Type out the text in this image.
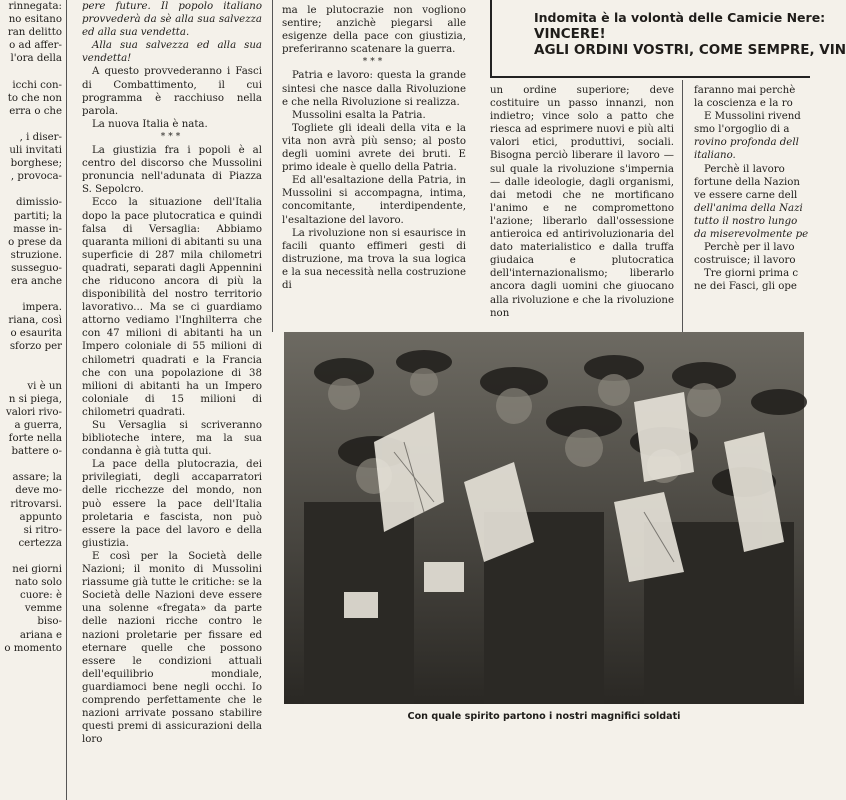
rinnegata:
no esitano
ran delitto
o ad affer-
l'ora della

icchi con-
to che non
erra o che

, i diser-
uli invitati
borghese;
, provoca-

dimissio-
partiti; la
masse in-
o prese da
struzione.
susseguo-
era anche

impera.
riana, così
o esaurita
sforzo per

vi è un
n si piega,
valori rivo-
a guerra,
forte nella
battere o-

assare; la
deve mo-
ritrovarsi.
appunto
si ritro-
certezza

nei giorni
nato solo
cuore: è
vemme biso-
ariana e
o momento

pere future. Il popolo italiano provvederà da sè alla sua salvezza ed alla sua vendetta.

Alla sua salvezza ed alla sua vendetta!

A questo provvederanno i Fasci di Combattimento, il cui programma è racchiuso nella parola.

La nuova Italia è nata.

***

La giustizia fra i popoli è al centro del discorso che Mussolini pronuncia nell'adunata di Piazza S. Sepolcro.

Ecco la situazione dell'Italia dopo la pace plutocratica e quindi falsa di Versaglia: Abbiamo quaranta milioni di abitanti su una superficie di 287 mila chilometri quadrati, separati dagli Appennini che riducono ancora di più la disponibilità del nostro territorio lavorativo... Ma se ci guardiamo attorno vediamo l'Inghilterra che con 47 milioni di abitanti ha un Impero coloniale di 55 milioni di chilometri quadrati e la Francia che con una popolazione di 38 milioni di abitanti ha un Impero coloniale di 15 milioni di chilometri quadrati.

Su Versaglia si scriveranno biblioteche intere, ma la sua condanna è già tutta qui.

La pace della plutocrazia, dei privilegiati, degli accaparratori delle ricchezze del mondo, non può essere la pace dell'Italia proletaria e fascista, non può essere la pace del lavoro e della giustizia.

E così per la Società delle Nazioni; il monito di Mussolini riassume già tutte le critiche: se la Società delle Nazioni deve essere una solenne «fregata» da parte delle nazioni ricche contro le nazioni proletarie per fissare ed eternare quelle che possono essere le condizioni attuali dell'equilibrio mondiale, guardiamoci bene negli occhi. Io comprendo perfettamente che le nazioni arrivate possano stabilire questi premi di assicurazioni della loro

ma le plutocrazie non vogliono sentire; anzichè piegarsi alle esigenze della pace con giustizia, preferiranno scatenare la guerra.

***

Patria e lavoro: questa la grande sintesi che nasce dalla Rivoluzione e che nella Rivoluzione si realizza.

Mussolini esalta la Patria.

Togliete gli ideali della vita e la vita non avrà più senso; al posto degli uomini avrete dei bruti. E primo ideale è quello della Patria.

Ed all'esaltazione della Patria, in Mussolini si accompagna, intima, concomitante, interdipendente, l'esaltazione del lavoro.

La rivoluzione non si esaurisce in facili quanto effimeri gesti di distruzione, ma trova la sua logica e la sua necessità nella costruzione di

Indomita è la volontà delle Camicie Nere:
VINCERE!
AGLI ORDINI VOSTRI, COME SEMPRE, VIN

un ordine superiore; deve costituire un passo innanzi, non indietro; vince solo a patto che riesca ad esprimere nuovi e più alti valori etici, produttivi, sociali. Bisogna perciò liberare il lavoro — sul quale la rivoluzione s'impernia — dalle ideologie, dagli organismi, dai metodi che ne mortificano l'animo e ne compromettono l'azione; liberarlo dall'ossessione antieroica ed antirivoluzionaria del dato materialistico e dalla truffa giudaica e plutocratica dell'internazionalismo; liberarlo ancora dagli uomini che giuocano alla rivoluzione e che la rivoluzione non

faranno mai perchè

la coscienza e la ro

E Mussolini rivend

smo l'orgoglio di a

rovino profonda dell

italiano.

Perchè il lavoro

fortune della Nazion

ve essere carne dell

dell'anima della Nazi

tutto il nostro lungo

da miserevolmente pe

Perchè per il lavo

costruisce; il lavoro

Tre giorni prima c

ne dei Fasci, gli ope

Con quale spirito partono i nostri magnifici soldati
